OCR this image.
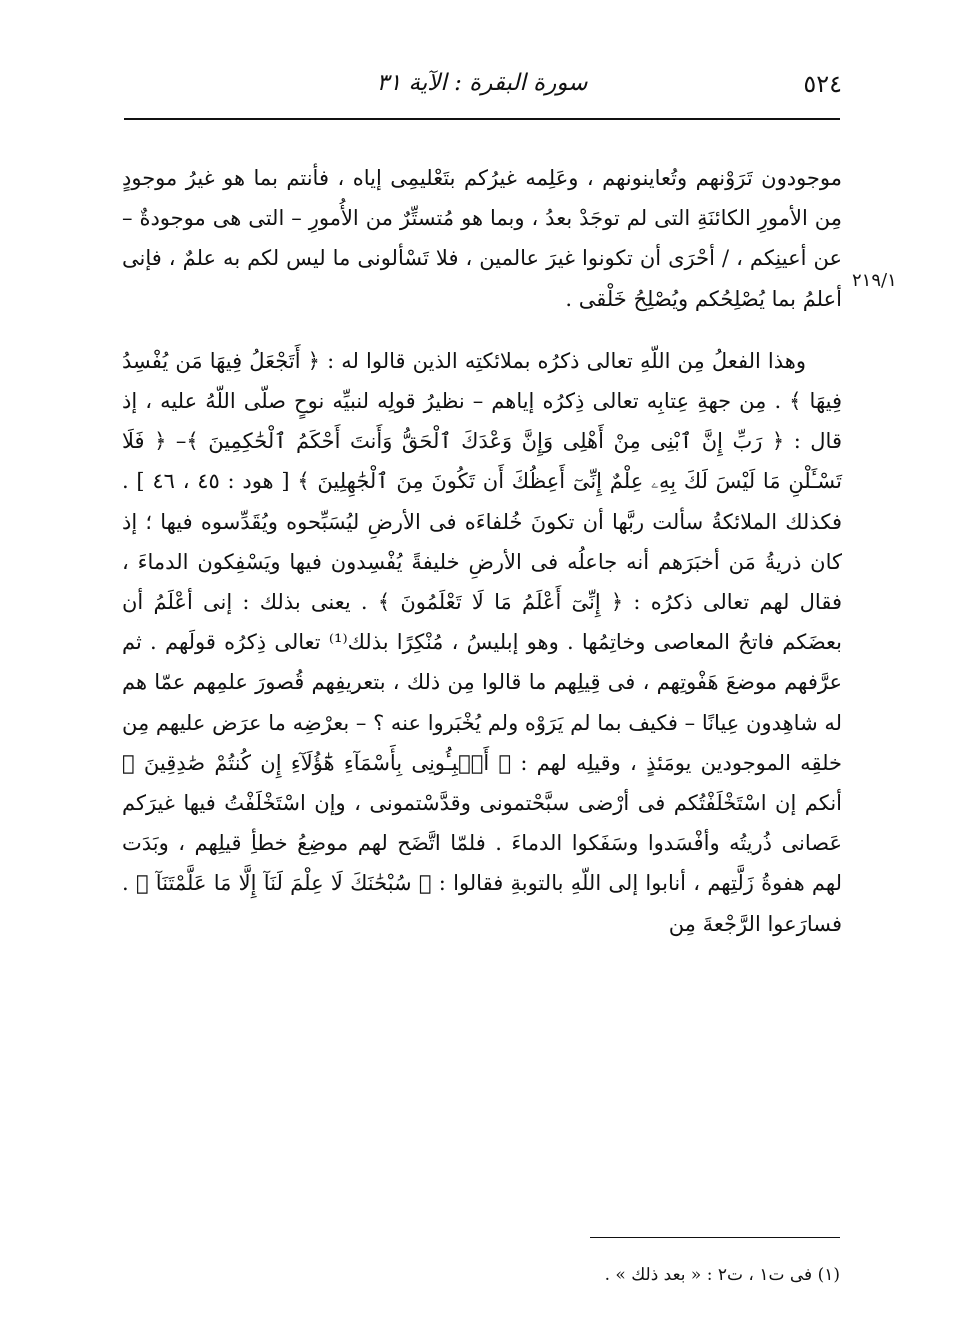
٥٢٤
سورة البقرة : الآية ٣١
٢١٩/١

موجودون تَرَوْنهم وتُعاينونهم ، وعَلِمه غيرُكم بتَعْليمِى إياه ، فأنتم بما هو غيرُ موجودٍ مِن الأمورِ الكائنَةِ التى لم توجَدْ بعدُ ، وبما هو مُتستِّرٌ من الأُمورِ – التى هى موجودةٌ – عن أعينِكم ، / أحْرَى أن تكونوا غيرَ عالمين ، فلا تَسْألونى ما ليس لكم به علمٌ ، فإنى أعلمُ بما يُصْلِحُكم ويُصْلِحُ خَلْقى .

وهذا الفعلُ مِن اللّهِ تعالى ذكرُه بملائكتِه الذين قالوا له : ﴿ أَتَجْعَلُ فِيهَا مَن يُفْسِدُ فِيهَا ﴾ . مِن جهةِ عِتابِه تعالى ذِكرُه إياهم – نظيرُ قولِه لنبيِّه نوحٍ صلّى اللّهُ عليه ، إذ قال : ﴿ رَبِّ إِنَّ ٱبْنِى مِنْ أَهْلِى وَإِنَّ وَعْدَكَ ٱلْحَقُّ وَأَنتَ أَحْكَمُ ٱلْحَٰكِمِينَ ﴾– ﴿ فَلَا تَسْـَٔلْنِ مَا لَيْسَ لَكَ بِهِۦ عِلْمٌ إِنِّىٓ أَعِظُكَ أَن تَكُونَ مِنَ ٱلْجَٰهِلِينَ ﴾ [ هود : ٤٥ ، ٤٦ ] . فكذلك الملائكةُ سألت ربَّها أن تكونَ خُلفاءَه فى الأرضِ ليُسَبِّحوه ويُقَدِّسوه فيها ؛ إذ كان ذريةُ مَن أخبَرَهم أنه جاعلُه فى الأرضِ خليفةً يُفْسِدون فيها ويَسْفِكون الدماءَ ، فقال لهم تعالى ذكرُه : ﴿ إِنِّىٓ أَعْلَمُ مَا لَا تَعْلَمُونَ ﴾ . يعنى بذلك : إنى أعْلَمُ أن بعضَكم فاتحُ المعاصى وخاتِمُها . وهو إبليسُ ، مُنْكِرًا بذلك⁽¹⁾ تعالى ذِكرُه قولَهم . ثم عرَّفهم موضعَ هَفْوتِهم ، فى قِيلِهم ما قالوا مِن ذلك ، بتعريفِهم قُصورَ علمِهم عمّا هم له شاهِدون عِيانًا – فكيف بما لم يَرَوْه ولم يُخْبَروا عنه ؟ – بعرْضِه ما عرَض عليهم مِن خلقِه الموجودين يومَئذٍ ، وقيلِه لهم : ﴿ أَنۢبِـُٔونِى بِأَسْمَآءِ هَٰٓؤُلَآءِ إِن كُنتُمْ صَٰدِقِينَ ﴾ أنكم إن اسْتَخْلَفْتُكم فى أرْضى سبَّحْتمونى وقدَّسْتمونى ، وإن اسْتَخْلَفْتُ فيها غيرَكم عَصانى ذُريتُه وأفْسَدوا وسَفَكوا الدماءَ . فلمّا اتَّضَح لهم موضِعُ خطأِ قيلِهم ، وبَدَت لهم هفوةُ زَلَّتِهم ، أنابوا إلى اللّهِ بالتوبةِ فقالوا : ﴿ سُبْحَٰنَكَ لَا عِلْمَ لَنَآ إِلَّا مَا عَلَّمْتَنَآ ﴾ . فسارَعوا الرَّجْعةَ مِن

(١) فى ت١ ، ت٢ : « بعد ذلك » .
